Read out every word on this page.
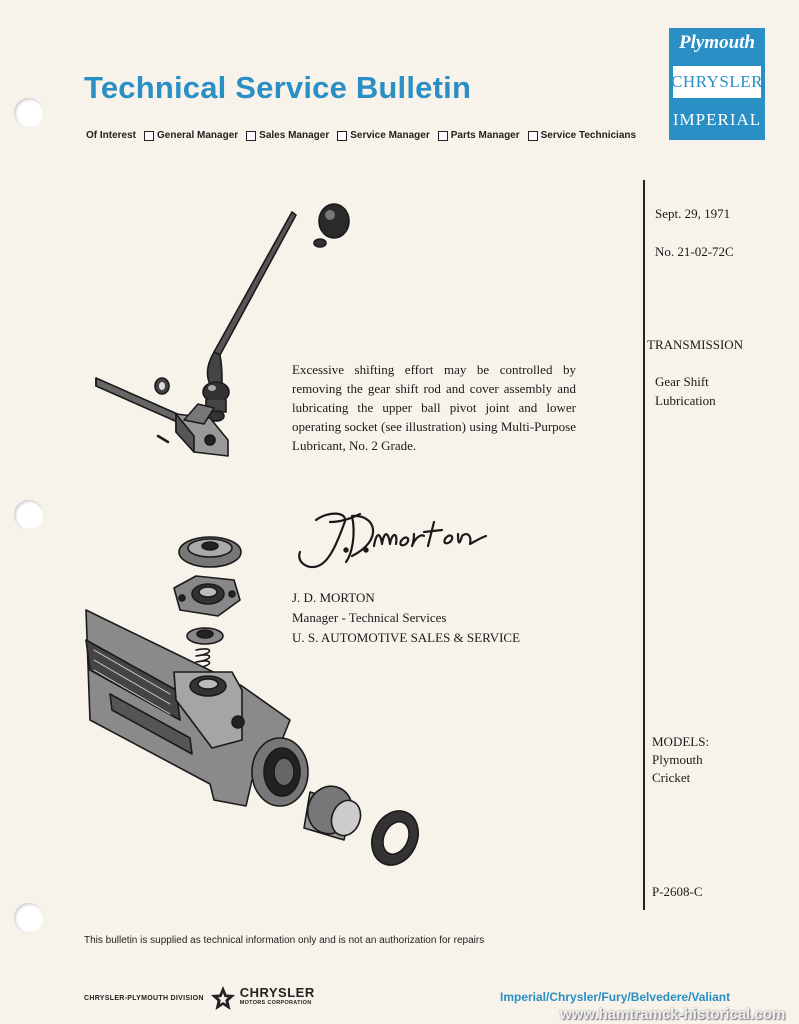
Technical Service Bulletin
Of Interest General Manager Sales Manager Service Manager Parts Manager Service Technicians
Plymouth
CHRYSLER
IMPERIAL
Sept. 29, 1971
No. 21-02-72C
TRANSMISSION
Gear Shift
Lubrication
MODELS:
Plymouth
Cricket
P-2608-C
Excessive shifting effort may be controlled by removing the gear shift rod and cover assembly and lubricating the upper ball pivot joint and lower operating socket (see illustration) using Multi-Purpose Lubricant, No. 2 Grade.
J. D. MORTON
Manager - Technical Services
U. S. AUTOMOTIVE SALES & SERVICE
This bulletin is supplied as technical information only and is not an authorization for repairs
CHRYSLER-PLYMOUTH DIVISION	CHRYSLER
MOTORS CORPORATION	Imperial/Chrysler/Fury/Belvedere/Valiant
www.hamtramck-historical.com
